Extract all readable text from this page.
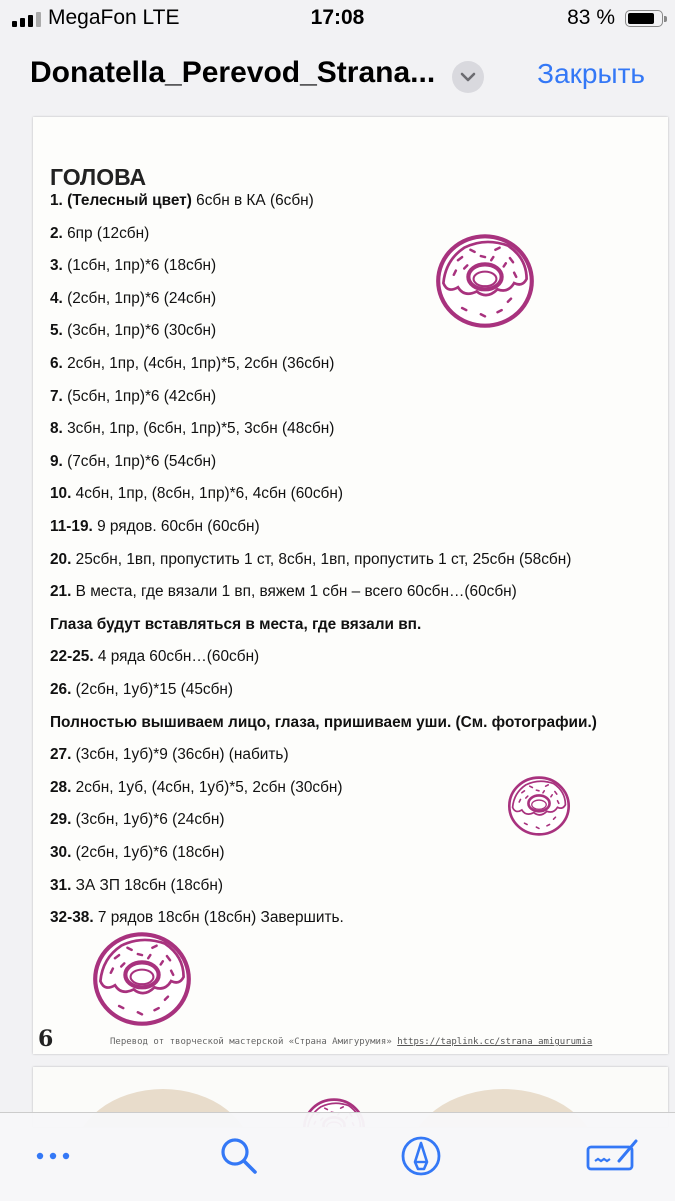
MegaFon LTE	17:08	83 %
Donatella_Perevod_Strana...	Закрыть
ГОЛОВА
1. (Телесный цвет) 6сбн в КА (6сбн)
2. 6пр (12сбн)
3. (1сбн, 1пр)*6 (18сбн)
4. (2сбн, 1пр)*6 (24сбн)
5. (3сбн, 1пр)*6 (30сбн)
6. 2сбн, 1пр, (4сбн, 1пр)*5, 2сбн (36сбн)
7. (5сбн, 1пр)*6 (42сбн)
8. 3сбн, 1пр, (6сбн, 1пр)*5, 3сбн (48сбн)
9. (7сбн, 1пр)*6 (54сбн)
10. 4сбн, 1пр, (8сбн, 1пр)*6, 4сбн (60сбн)
11-19. 9 рядов. 60сбн (60сбн)
20. 25сбн, 1вп, пропустить 1 ст, 8сбн, 1вп, пропустить 1 ст, 25сбн (58сбн)
21. В места, где вязали 1 вп, вяжем 1 сбн – всего 60сбн…(60сбн)
Глаза будут вставляться в места, где вязали вп.
22-25. 4 ряда 60сбн…(60сбн)
26. (2сбн, 1уб)*15 (45сбн)
Полностью вышиваем лицо, глаза, пришиваем уши. (См. фотографии.)
27. (3сбн, 1уб)*9 (36сбн) (набить)
28. 2сбн, 1уб, (4сбн, 1уб)*5, 2сбн (30сбн)
29. (3сбн, 1уб)*6 (24сбн)
30. (2сбн, 1уб)*6 (18сбн)
31. ЗА ЗП 18сбн (18сбн)
32-38. 7 рядов 18сбн (18сбн) Завершить.
6	Перевод от творческой мастерской «Страна Амигурумия» https://taplink.cc/strana_amigurumia
